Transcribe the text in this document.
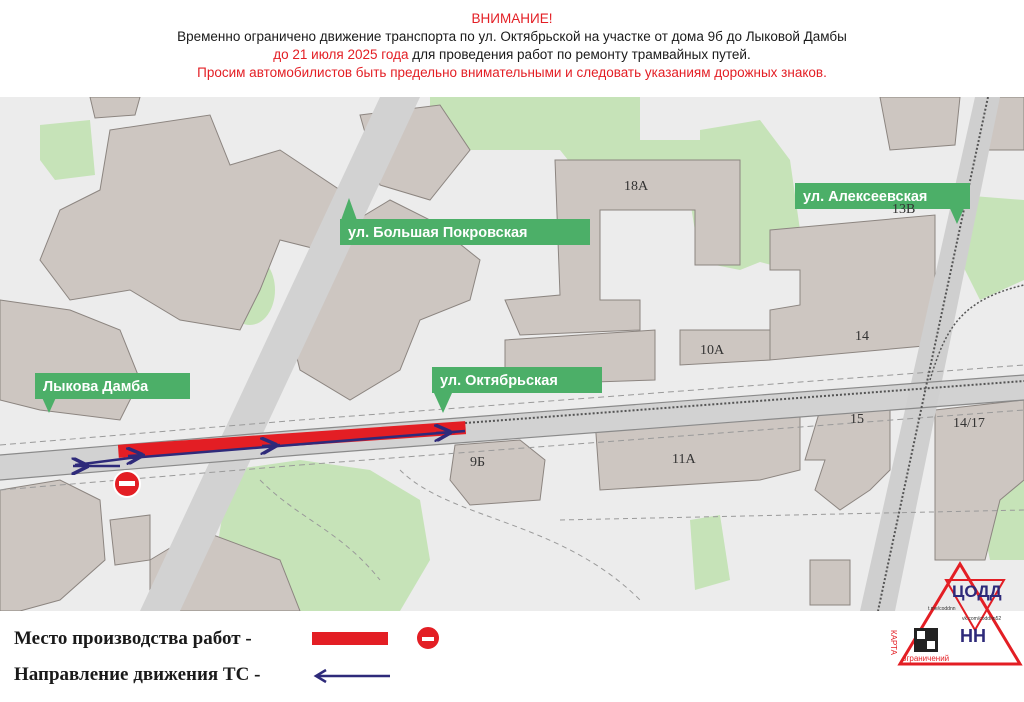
ВНИМАНИЕ!
Временно ограничено движение транспорта по ул. Октябрьской на участке от дома 9б до Лыковой Дамбы
до 21 июля 2025 года для проведения работ по ремонту трамвайных путей.
Просим автомобилистов быть предельно внимательными и следовать указаниям дорожных знаков.
Лыкова Дамба
ул. Большая Покровская
ул. Октябрьская
ул. Алексеевская
18А
13В
10А
14
15	14/17
9Б	11А
Место производства работ -
Направление движения ТС -
ЦОДД
t.me/coddnn
vk.com/coddnn52
НН
КАРТА
ограничений
